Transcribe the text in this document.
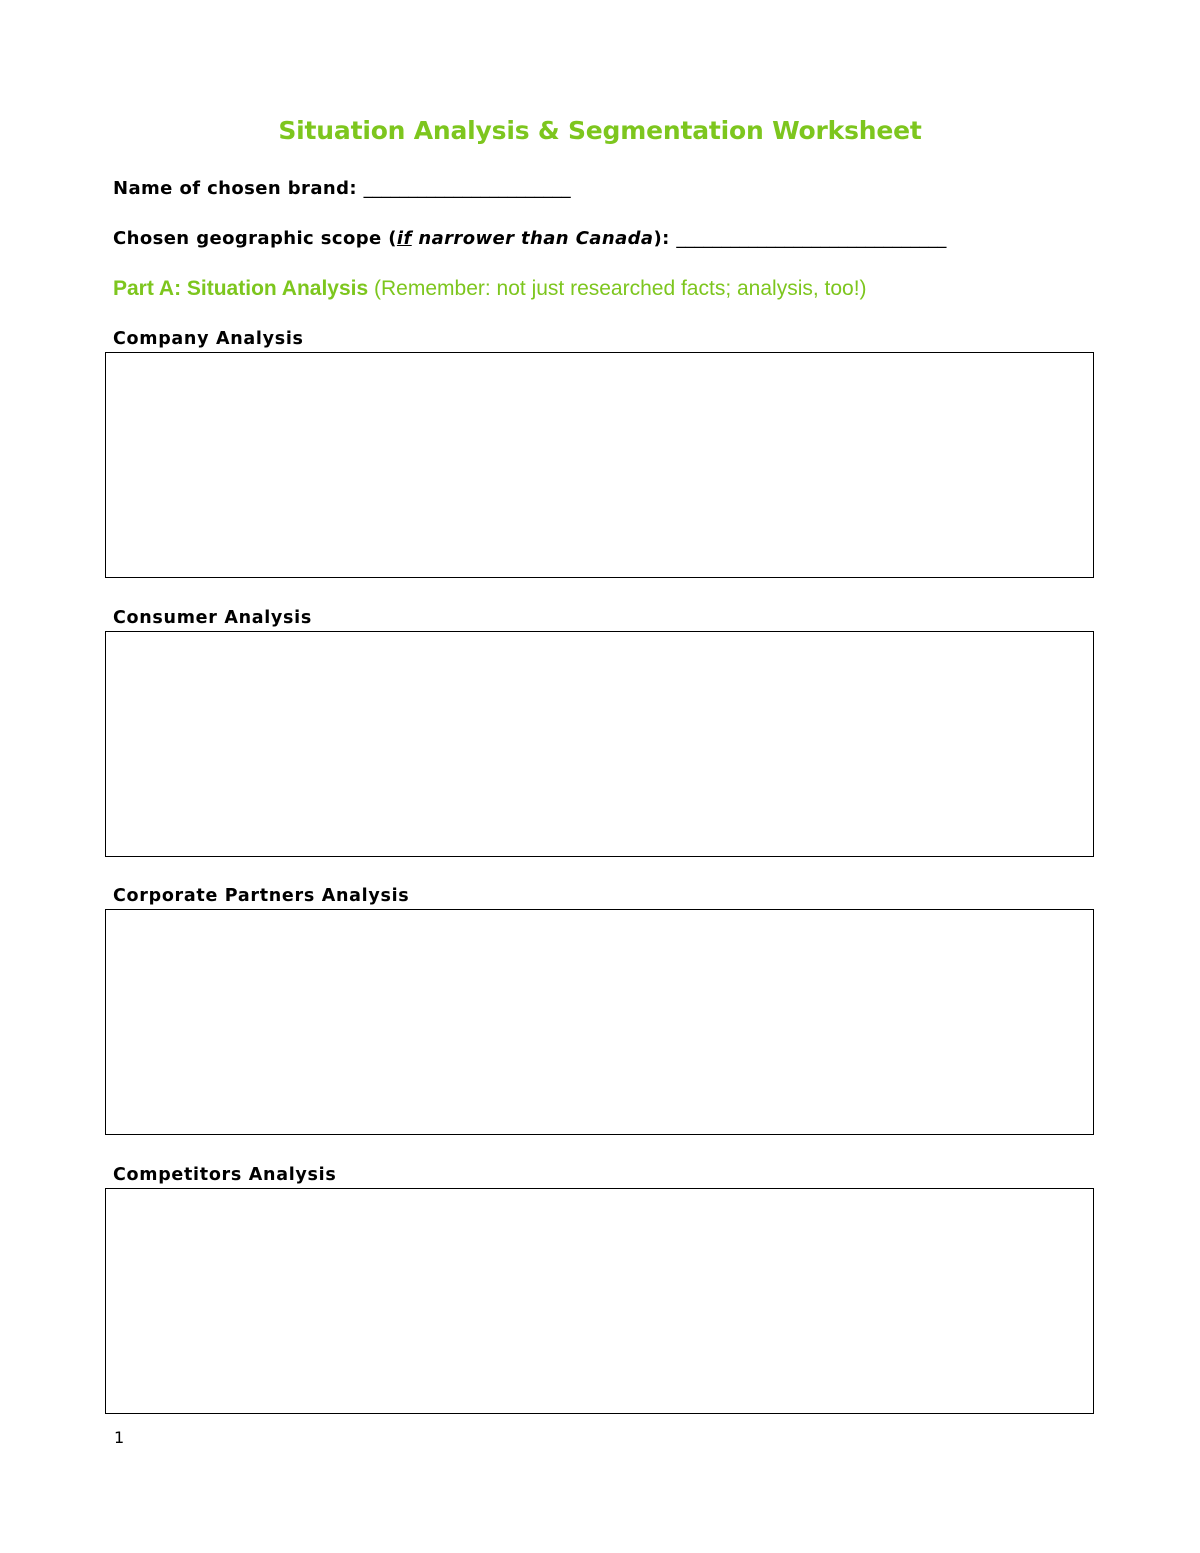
Situation Analysis & Segmentation Worksheet
Name of chosen brand: _______________________
Chosen geographic scope (if narrower than Canada): ______________________________
Part A: Situation Analysis (Remember: not just researched facts; analysis, too!)
Company Analysis
Consumer Analysis
Corporate Partners Analysis
Competitors Analysis
1
